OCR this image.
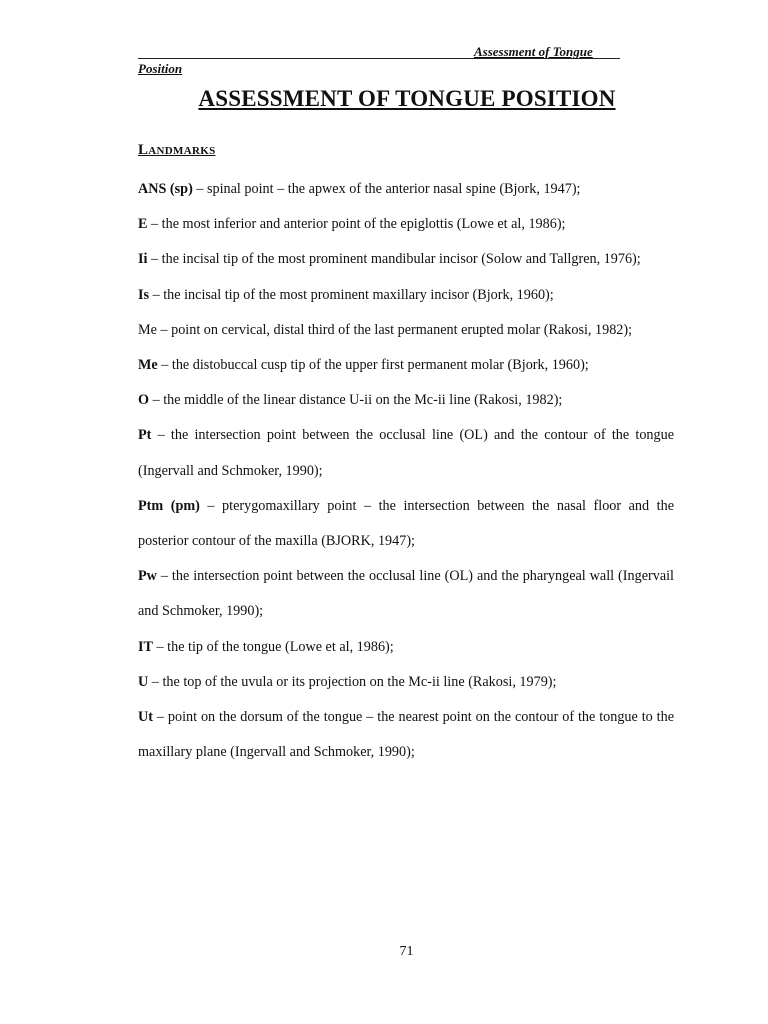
Assessment of Tongue
Position
ASSESSMENT OF TONGUE POSITION
Landmarks

ANS (sp) – spinal point – the apwex of the anterior nasal spine (Bjork, 1947);

E – the most inferior and anterior point of the epiglottis (Lowe et al, 1986);

Ii – the incisal tip of the most prominent mandibular incisor (Solow and Tallgren, 1976);

Is – the incisal tip of the most prominent maxillary incisor (Bjork, 1960);

Me – point on cervical, distal third of the last permanent erupted molar (Rakosi, 1982);

Me – the distobuccal cusp tip of the upper first permanent molar (Bjork, 1960);

O – the middle of the linear distance U-ii on the Mc-ii line (Rakosi, 1982);

Pt – the intersection point between the occlusal line (OL) and the contour of the tongue (Ingervall and Schmoker, 1990);

Ptm (pm) – pterygomaxillary point – the intersection between the nasal floor and the posterior contour of the maxilla (BJORK, 1947);

Pw – the intersection point between the occlusal line (OL) and the pharyngeal wall (Ingervail and Schmoker, 1990);

IT – the tip of the tongue (Lowe et al, 1986);

U – the top of the uvula or its projection on the Mc-ii line (Rakosi, 1979);

Ut – point on the dorsum of the tongue – the nearest point on the contour of the tongue to the maxillary plane (Ingervall and Schmoker, 1990);

71
